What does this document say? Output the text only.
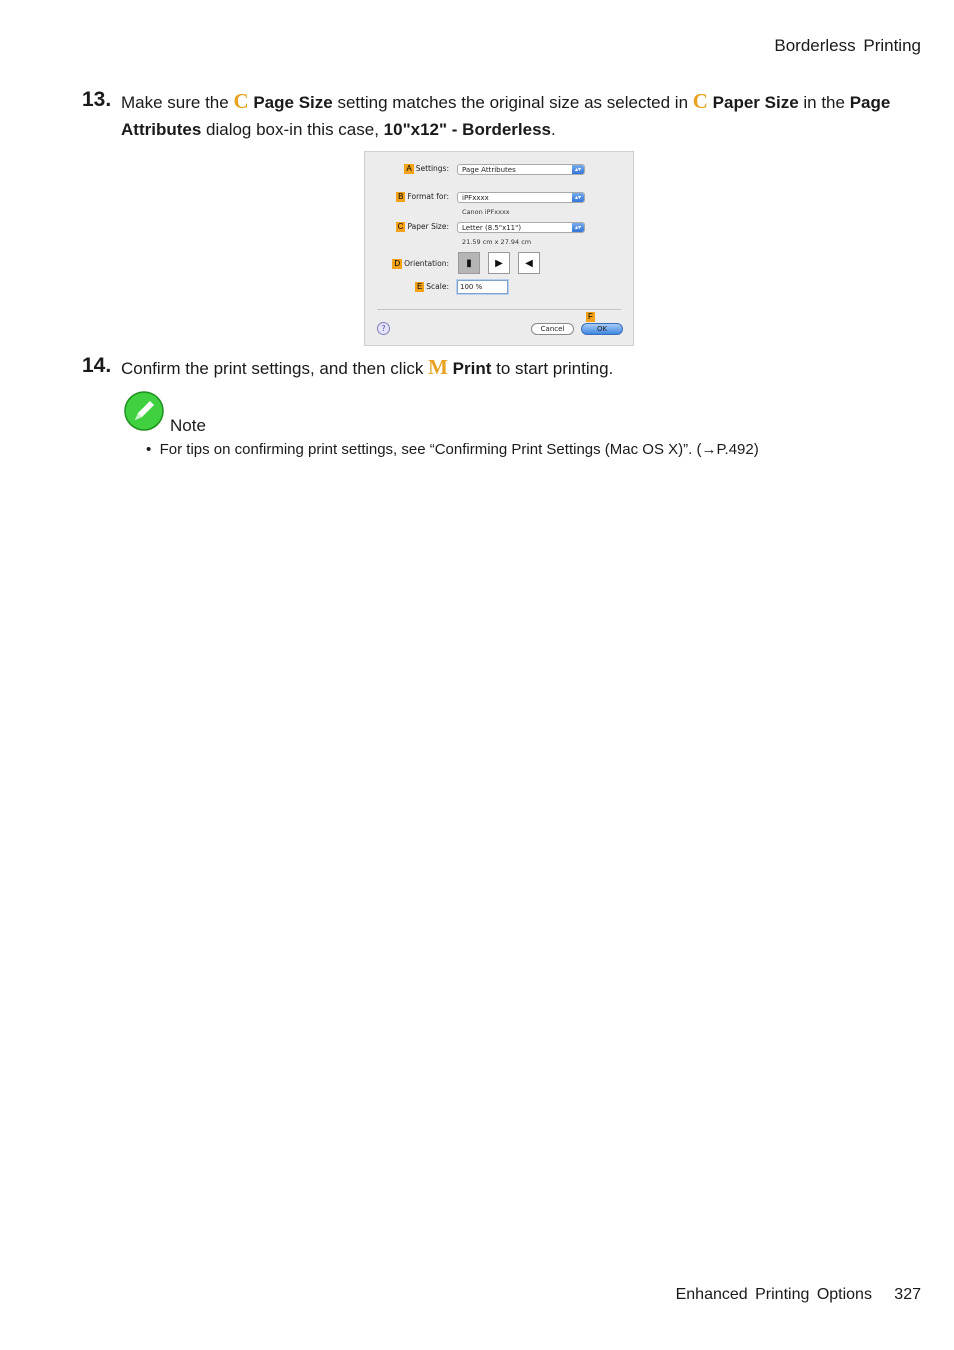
Borderless Printing
13. Make sure the C Page Size setting matches the original size as selected in C Paper Size in the Page Attributes dialog box-in this case, 10"x12" - Borderless.
A Settings:	Page Attributes	▴▾
B Format for:	iPFxxxx	▴▾
Canon iPFxxxx
C Paper Size:	Letter (8.5"x11")	▴▾
21.59 cm x 27.94 cm
D Orientation: ▮ ▶ ◀
E Scale:	100 %
?	Cancel
F
OK
14. Confirm the print settings, and then click M Print to start printing.
Note
• For tips on confirming print settings, see “Confirming Print Settings (Mac OS X)”. (→P.492)
Enhanced Printing Options 327
